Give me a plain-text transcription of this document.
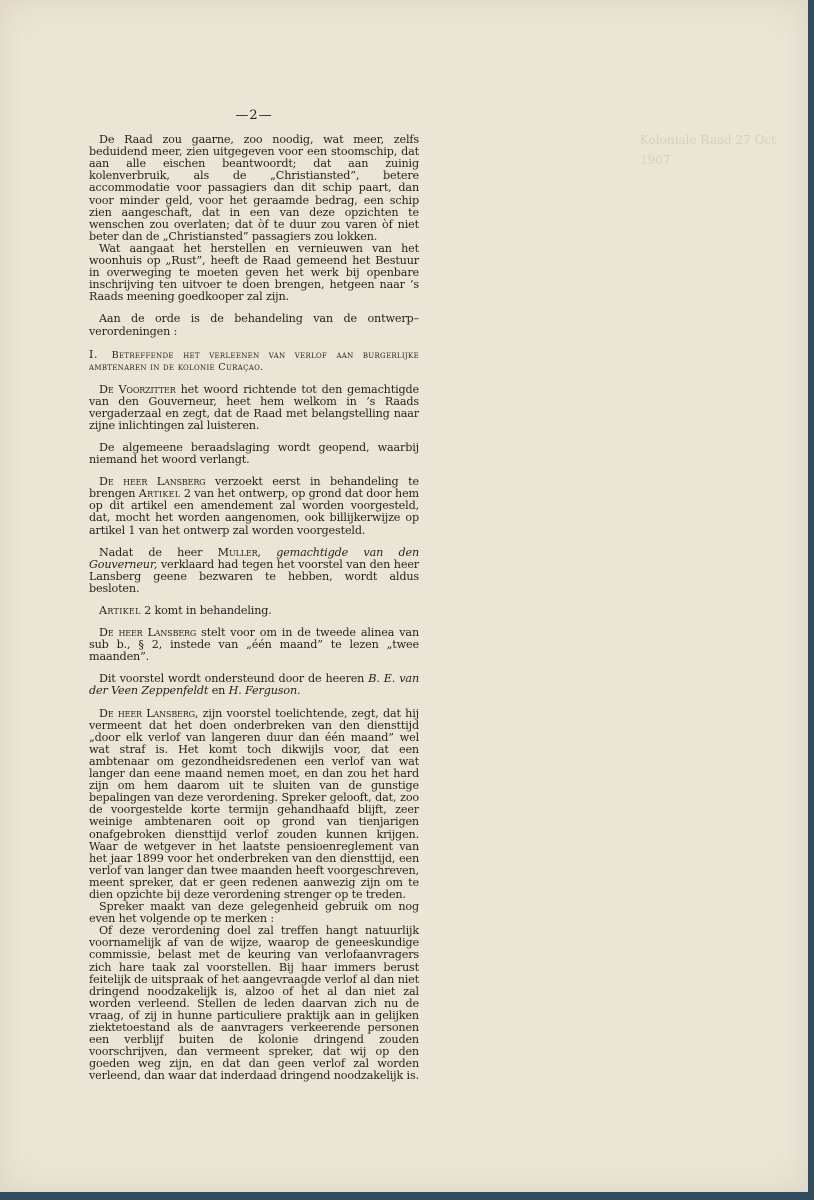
Koloniale Raad 27 Oct 1907
—2—

De Raad zou gaarne, zoo noodig, wat meer, zelfs beduidend meer, zien uitgegeven voor een stoomschip, dat aan alle eischen beantwoordt; dat aan zuinig kolenverbruik, als de „Christiansted”, betere accommodatie voor passagiers dan dit schip paart, dan voor minder geld, voor het geraamde bedrag, een schip zien aangeschaft, dat in een van deze opzichten te wenschen zou overlaten; dat òf te duur zou varen òf niet beter dan de „Christiansted” passagiers zou lokken.

Wat aangaat het herstellen en vernieuwen van het woonhuis op „Rust”, heeft de Raad gemeend het Bestuur in overweging te moeten geven het werk bij openbare inschrijving ten uitvoer te doen brengen, hetgeen naar ’s Raads meening goedkooper zal zijn.

Aan de orde is de behandeling van de ontwerp–verordeningen :

I. Betreffende het verleenen van verlof aan burgerlijke ambtenaren in de kolonie Curaçao.

De Voorzitter het woord richtende tot den gemachtigde van den Gouverneur, heet hem welkom in ’s Raads vergaderzaal en zegt, dat de Raad met belangstelling naar zijne inlichtingen zal luisteren.

De algemeene beraadslaging wordt geopend, waarbij niemand het woord verlangt.

De heer Lansberg verzoekt eerst in behandeling te brengen Artikel 2 van het ontwerp, op grond dat door hem op dit artikel een amendement zal worden voorgesteld, dat, mocht het worden aangenomen, ook billijkerwijze op artikel 1 van het ontwerp zal worden voorgesteld.

Nadat de heer Muller, gemachtigde van den Gouverneur, verklaard had tegen het voorstel van den heer Lansberg geene bezwaren te hebben, wordt aldus besloten.

Artikel 2 komt in behandeling.

De heer Lansberg stelt voor om in de tweede alinea van sub b., § 2, instede van „één maand” te lezen „twee maanden”.

Dit voorstel wordt ondersteund door de heeren B. E. van der Veen Zeppenfeldt en H. Ferguson.

De heer Lansberg, zijn voorstel toelichtende, zegt, dat hij vermeent dat het doen onderbreken van den diensttijd „door elk verlof van langeren duur dan één maand” wel wat straf is. Het komt toch dikwijls voor, dat een ambtenaar om gezondheidsredenen een verlof van wat langer dan eene maand nemen moet, en dan zou het hard zijn om hem daarom uit te sluiten van de gunstige bepalingen van deze verordening. Spreker gelooft, dat, zoo de voorgestelde korte termijn gehandhaafd blijft, zeer weinige ambtenaren ooit op grond van tienjarigen onafgebroken diensttijd verlof zouden kunnen krijgen. Waar de wetgever in het laatste pensioenreglement van het jaar 1899 voor het onderbreken van den diensttijd, een verlof van langer dan twee maanden heeft voorgeschreven, meent spreker, dat er geen redenen aanwezig zijn om te dien opzichte bij deze verordening strenger op te treden.

Spreker maakt van deze gelegenheid gebruik om nog even het volgende op te merken :

Of deze verordening doel zal treffen hangt natuurlijk voornamelijk af van de wijze, waarop de geneeskundige commissie, belast met de keuring van verlofaanvragers zich hare taak zal voorstellen. Bij haar immers berust feitelijk de uitspraak of het aangevraagde verlof al dan niet dringend noodzakelijk is, alzoo of het al dan niet zal worden verleend. Stellen de leden daarvan zich nu de vraag, of zij in hunne particuliere praktijk aan in gelijken ziektetoestand als de aanvragers verkeerende personen een verblijf buiten de kolonie dringend zouden voorschrijven, dan vermeent spreker, dat wij op den goeden weg zijn, en dat dan geen verlof zal worden verleend, dan waar dat inderdaad dringend noodzakelijk is.
